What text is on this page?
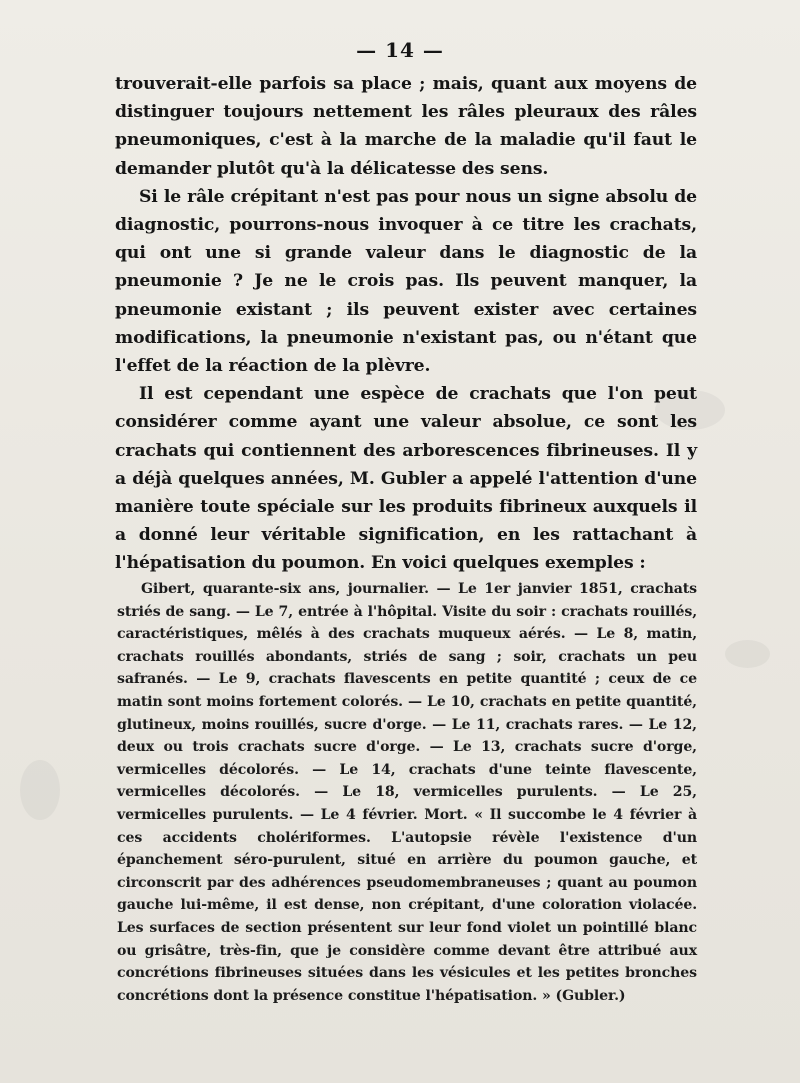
— 14 —

trouverait-elle parfois sa place ; mais, quant aux moyens de distinguer toujours nettement les râles pleuraux des râles pneumoniques, c'est à la marche de la maladie qu'il faut le demander plutôt qu'à la délicatesse des sens.

Si le râle crépitant n'est pas pour nous un signe absolu de diagnostic, pourrons-nous invoquer à ce titre les crachats, qui ont une si grande valeur dans le diagnostic de la pneumonie ? Je ne le crois pas. Ils peuvent manquer, la pneumonie existant ; ils peuvent exister avec certaines modifications, la pneumonie n'existant pas, ou n'étant que l'effet de la réaction de la plèvre.

Il est cependant une espèce de crachats que l'on peut considérer comme ayant une valeur absolue, ce sont les crachats qui contiennent des arborescences fibrineuses. Il y a déjà quelques années, M. Gubler a appelé l'attention d'une manière toute spéciale sur les produits fibrineux auxquels il a donné leur véritable signification, en les rattachant à l'hépatisation du poumon. En voici quelques exemples :

Gibert, quarante-six ans, journalier. — Le 1er janvier 1851, crachats striés de sang. — Le 7, entrée à l'hôpital. Visite du soir : crachats rouillés, caractéristiques, mêlés à des crachats muqueux aérés. — Le 8, matin, crachats rouillés abondants, striés de sang ; soir, crachats un peu safranés. — Le 9, crachats flavescents en petite quantité ; ceux de ce matin sont moins fortement colorés. — Le 10, crachats en petite quantité, glutineux, moins rouillés, sucre d'orge. — Le 11, crachats rares. — Le 12, deux ou trois crachats sucre d'orge. — Le 13, crachats sucre d'orge, vermicelles décolorés. — Le 14, crachats d'une teinte flavescente, vermicelles décolorés. — Le 18, vermicelles purulents. — Le 25, vermicelles purulents. — Le 4 février. Mort. « Il succombe le 4 février à ces accidents cholériformes. L'autopsie révèle l'existence d'un épanchement séro-purulent, situé en arrière du poumon gauche, et circonscrit par des adhérences pseudomembraneuses ; quant au poumon gauche lui-même, il est dense, non crépitant, d'une coloration violacée. Les surfaces de section présentent sur leur fond violet un pointillé blanc ou grisâtre, très-fin, que je considère comme devant être attribué aux concrétions fibrineuses situées dans les vésicules et les petites bronches concrétions dont la présence constitue l'hépatisation. » (Gubler.)
